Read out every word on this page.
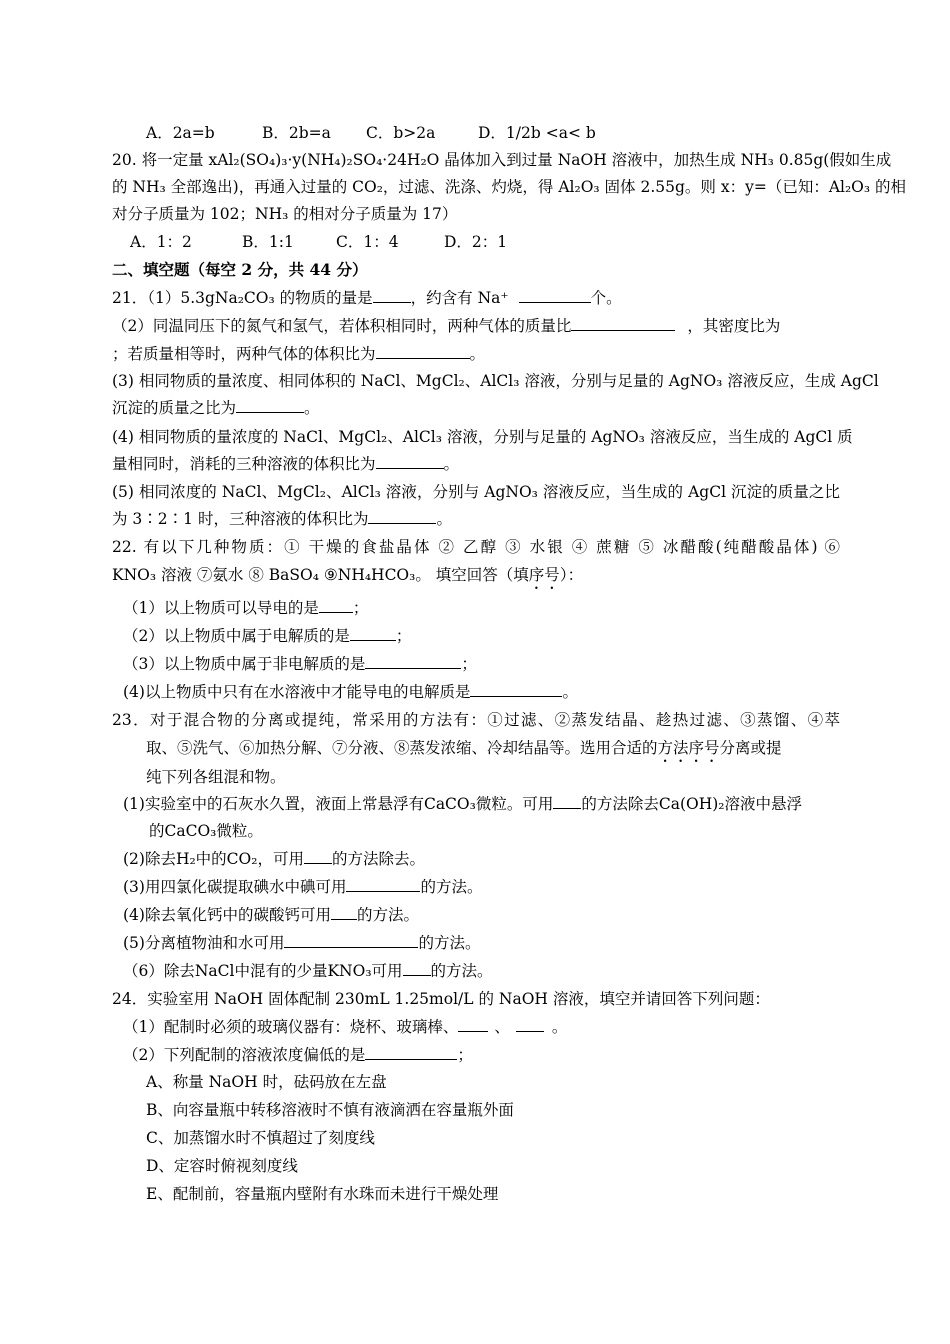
A．2a=b	B．2b=a C．b>2a	D．1/2b <a< b
20. 将一定量 xAl₂(SO₄)₃·y(NH₄)₂SO₄·24H₂O 晶体加入到过量 NaOH 溶液中，加热生成 NH₃ 0.85g(假如生成
的 NH₃ 全部逸出)，再通入过量的 CO₂，过滤、洗涤、灼烧，得 Al₂O₃ 固体 2.55g。则 x：y=（已知：Al₂O₃ 的相
对分子质量为 102；NH₃ 的相对分子质量为 17）
A．1：2	B．1:1	C．1：4	D．2：1
二、填空题（每空 2 分，共 44 分）
21．（1）5.3gNa₂CO₃ 的物质的量是 ，约含有 Na⁺	个。
（2）同温同压下的氮气和氢气，若体积相同时，两种气体的质量比	，其密度比为
；若质量相等时，两种气体的体积比为	。
(3) 相同物质的量浓度、相同体积的 NaCl、MgCl₂、AlCl₃ 溶液，分别与足量的 AgNO₃ 溶液反应，生成 AgCl
沉淀的质量之比为	。
(4) 相同物质的量浓度的 NaCl、MgCl₂、AlCl₃ 溶液，分别与足量的 AgNO₃ 溶液反应，当生成的 AgCl 质
量相同时，消耗的三种溶液的体积比为	。
(5) 相同浓度的 NaCl、MgCl₂、AlCl₃ 溶液，分别与 AgNO₃ 溶液反应，当生成的 AgCl 沉淀的质量之比
为 3∶2∶1 时，三种溶液的体积比为	。
22. 有以下几种物质：① 干燥的食盐晶体 ② 乙醇 ③ 水银 ④ 蔗糖 ⑤ 冰醋酸(纯醋酸晶体) ⑥
KNO₃ 溶液 ⑦氨水 ⑧ BaSO₄ ⑨NH₄HCO₃。 填空回答（填序号）：
（1）以上物质可以导电的是 ；
（2）以上物质中属于电解质的是	；
（3）以上物质中属于非电解质的是	；
(4)以上物质中只有在水溶液中才能导电的电解质是	。
23．对于混合物的分离或提纯，常采用的方法有：①过滤、②蒸发结晶、趁热过滤、③蒸馏、④萃
取、⑤洗气、⑥加热分解、⑦分液、⑧蒸发浓缩、冷却结晶等。选用合适的方法序号分离或提
纯下列各组混和物。
(1)实验室中的石灰水久置，液面上常悬浮有CaCO₃微粒。可用 的方法除去Ca(OH)₂溶液中悬浮
的CaCO₃微粒。
(2)除去H₂中的CO₂，可用 的方法除去。
(3)用四氯化碳提取碘水中碘可用	的方法。
(4)除去氧化钙中的碳酸钙可用 的方法。
(5)分离植物油和水可用	的方法。
（6）除去NaCl中混有的少量KNO₃可用 的方法。
24．实验室用 NaOH 固体配制 230mL 1.25mol/L 的 NaOH 溶液，填空并请回答下列问题：
（1）配制时必须的玻璃仪器有：烧杯、玻璃棒、 、	。
（2）下列配制的溶液浓度偏低的是	；
A、称量 NaOH 时，砝码放在左盘
B、向容量瓶中转移溶液时不慎有液滴洒在容量瓶外面
C、加蒸馏水时不慎超过了刻度线
D、定容时俯视刻度线
E、配制前，容量瓶内壁附有水珠而未进行干燥处理
